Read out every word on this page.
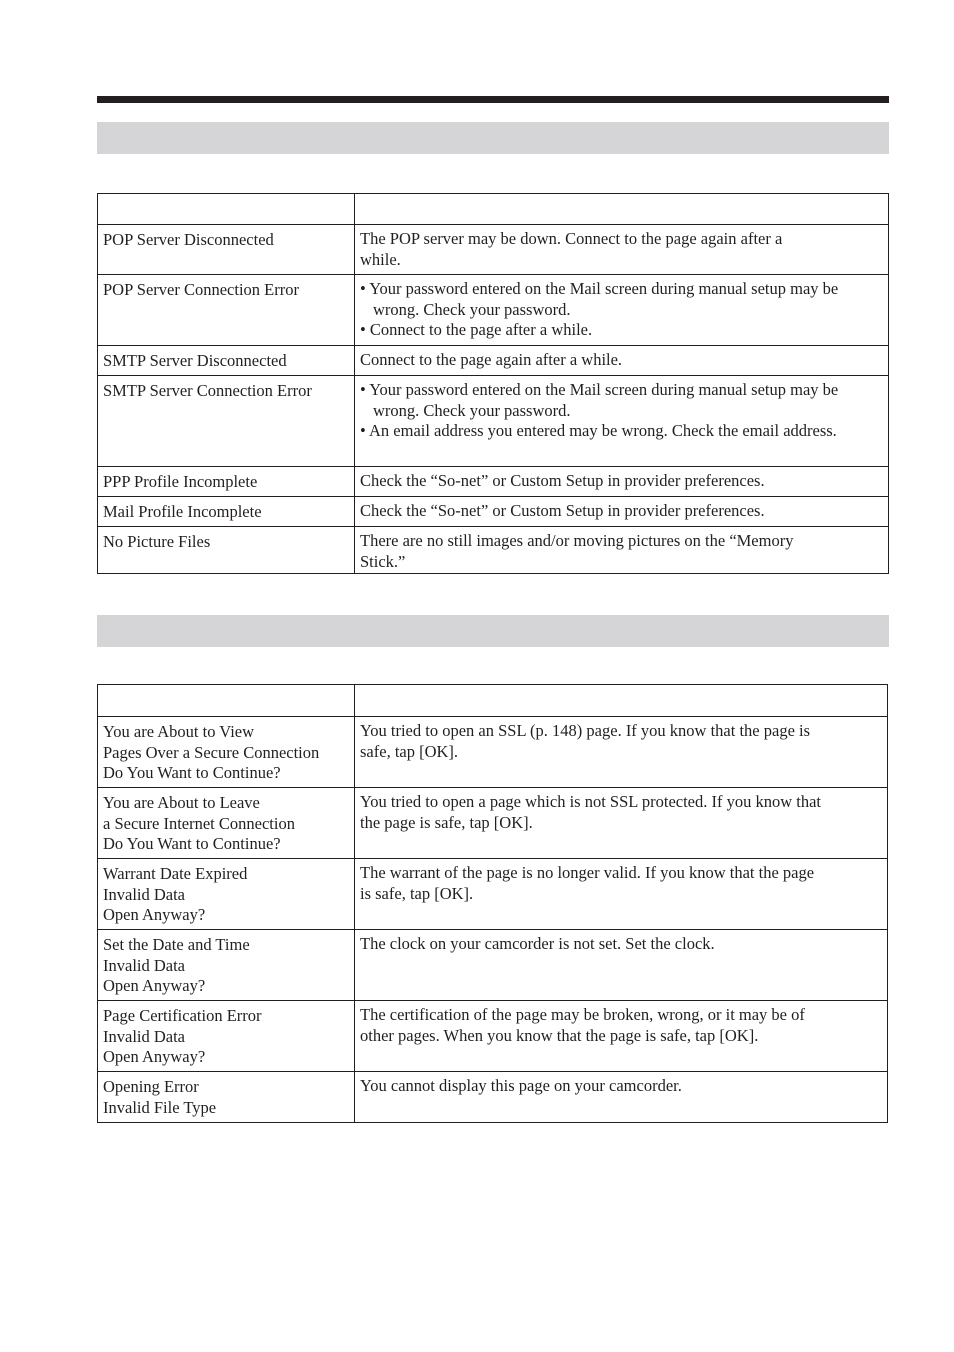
POP Server Disconnected	The POP server may be down. Connect to the page again after a
while.

POP Server Connection Error	• Your password entered on the Mail screen during manual setup may be wrong. Check your password.
• Connect to the page after a while.

SMTP Server Disconnected	Connect to the page again after a while.

SMTP Server Connection Error	• Your password entered on the Mail screen during manual setup may be wrong. Check your password.
• An email address you entered may be wrong. Check the email address.

PPP Profile Incomplete	Check the “So-net” or Custom Setup in provider preferences.

Mail Profile Incomplete	Check the “So-net” or Custom Setup in provider preferences.

No Picture Files	There are no still images and/or moving pictures on the “Memory
Stick.”

You are About to View
Pages Over a Secure Connection
Do You Want to Continue?	You tried to open an SSL (p. 148) page. If you know that the page is
safe, tap [OK].

You are About to Leave
a Secure Internet Connection
Do You Want to Continue?	You tried to open a page which is not SSL protected. If you know that
the page is safe, tap [OK].

Warrant Date Expired
Invalid Data
Open Anyway?	The warrant of the page is no longer valid. If you know that the page
is safe, tap [OK].

Set the Date and Time
Invalid Data
Open Anyway?	The clock on your camcorder is not set. Set the clock.

Page Certification Error
Invalid Data
Open Anyway?	The certification of the page may be broken, wrong, or it may be of
other pages. When you know that the page is safe, tap [OK].

Opening Error
Invalid File Type	You cannot display this page on your camcorder.
